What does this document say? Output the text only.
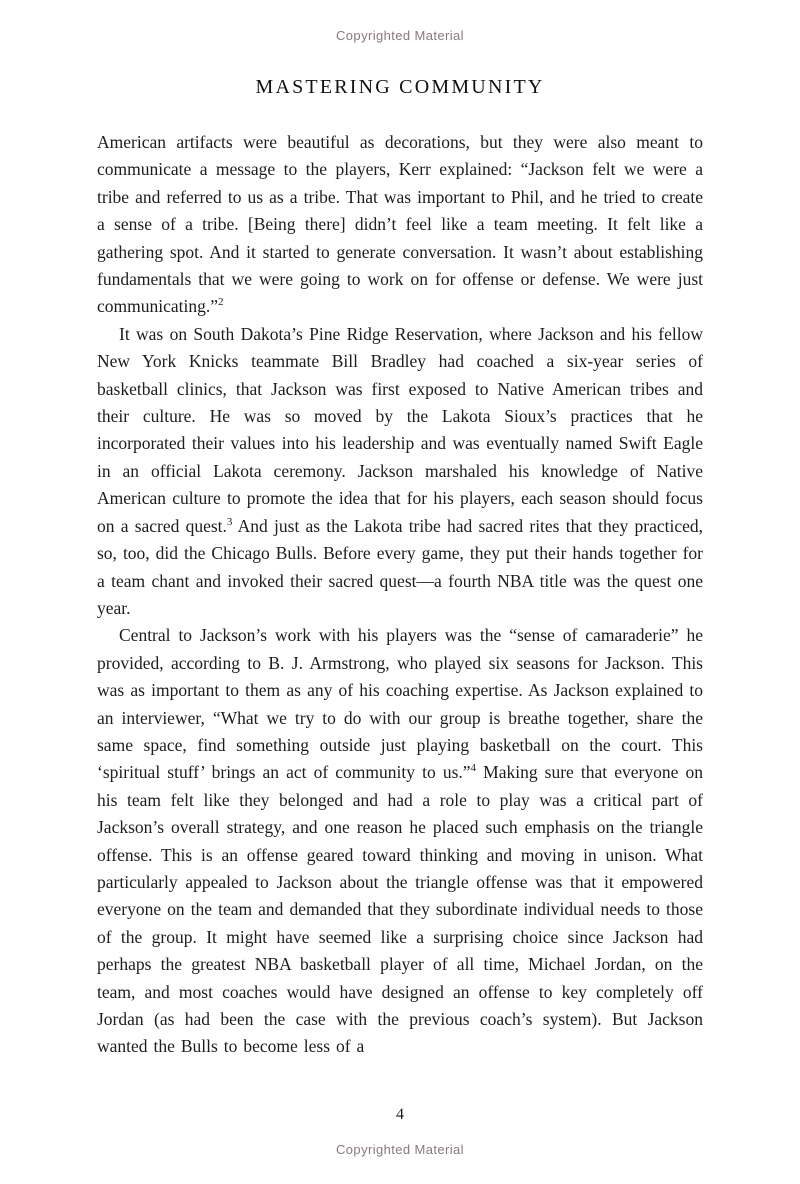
Copyrighted Material
MASTERING COMMUNITY

American artifacts were beautiful as decorations, but they were also meant to communicate a message to the players, Kerr explained: “Jackson felt we were a tribe and referred to us as a tribe. That was important to Phil, and he tried to create a sense of a tribe. [Being there] didn’t feel like a team meeting. It felt like a gathering spot. And it started to generate conversation. It wasn’t about establishing fundamentals that we were going to work on for offense or defense. We were just communicating.”$^2$

It was on South Dakota’s Pine Ridge Reservation, where Jackson and his fellow New York Knicks teammate Bill Bradley had coached a six-year series of basketball clinics, that Jackson was first exposed to Native American tribes and their culture. He was so moved by the Lakota Sioux’s practices that he incorporated their values into his leadership and was eventually named Swift Eagle in an official Lakota ceremony. Jackson marshaled his knowledge of Native American culture to promote the idea that for his players, each season should focus on a sacred quest.$^3$ And just as the Lakota tribe had sacred rites that they practiced, so, too, did the Chicago Bulls. Before every game, they put their hands together for a team chant and invoked their sacred quest—a fourth NBA title was the quest one year.

Central to Jackson’s work with his players was the “sense of camaraderie” he provided, according to B. J. Armstrong, who played six seasons for Jackson. This was as important to them as any of his coaching expertise. As Jackson explained to an interviewer, “What we try to do with our group is breathe together, share the same space, find something outside just playing basketball on the court. This ‘spiritual stuff’ brings an act of community to us.”$^4$ Making sure that everyone on his team felt like they belonged and had a role to play was a critical part of Jackson’s overall strategy, and one reason he placed such emphasis on the triangle offense. This is an offense geared toward thinking and moving in unison. What particularly appealed to Jackson about the triangle offense was that it empowered everyone on the team and demanded that they subordinate individual needs to those of the group. It might have seemed like a surprising choice since Jackson had perhaps the greatest NBA basketball player of all time, Michael Jordan, on the team, and most coaches would have designed an offense to key completely off Jordan (as had been the case with the previous coach’s system). But Jackson wanted the Bulls to become less of a

4
Copyrighted Material
